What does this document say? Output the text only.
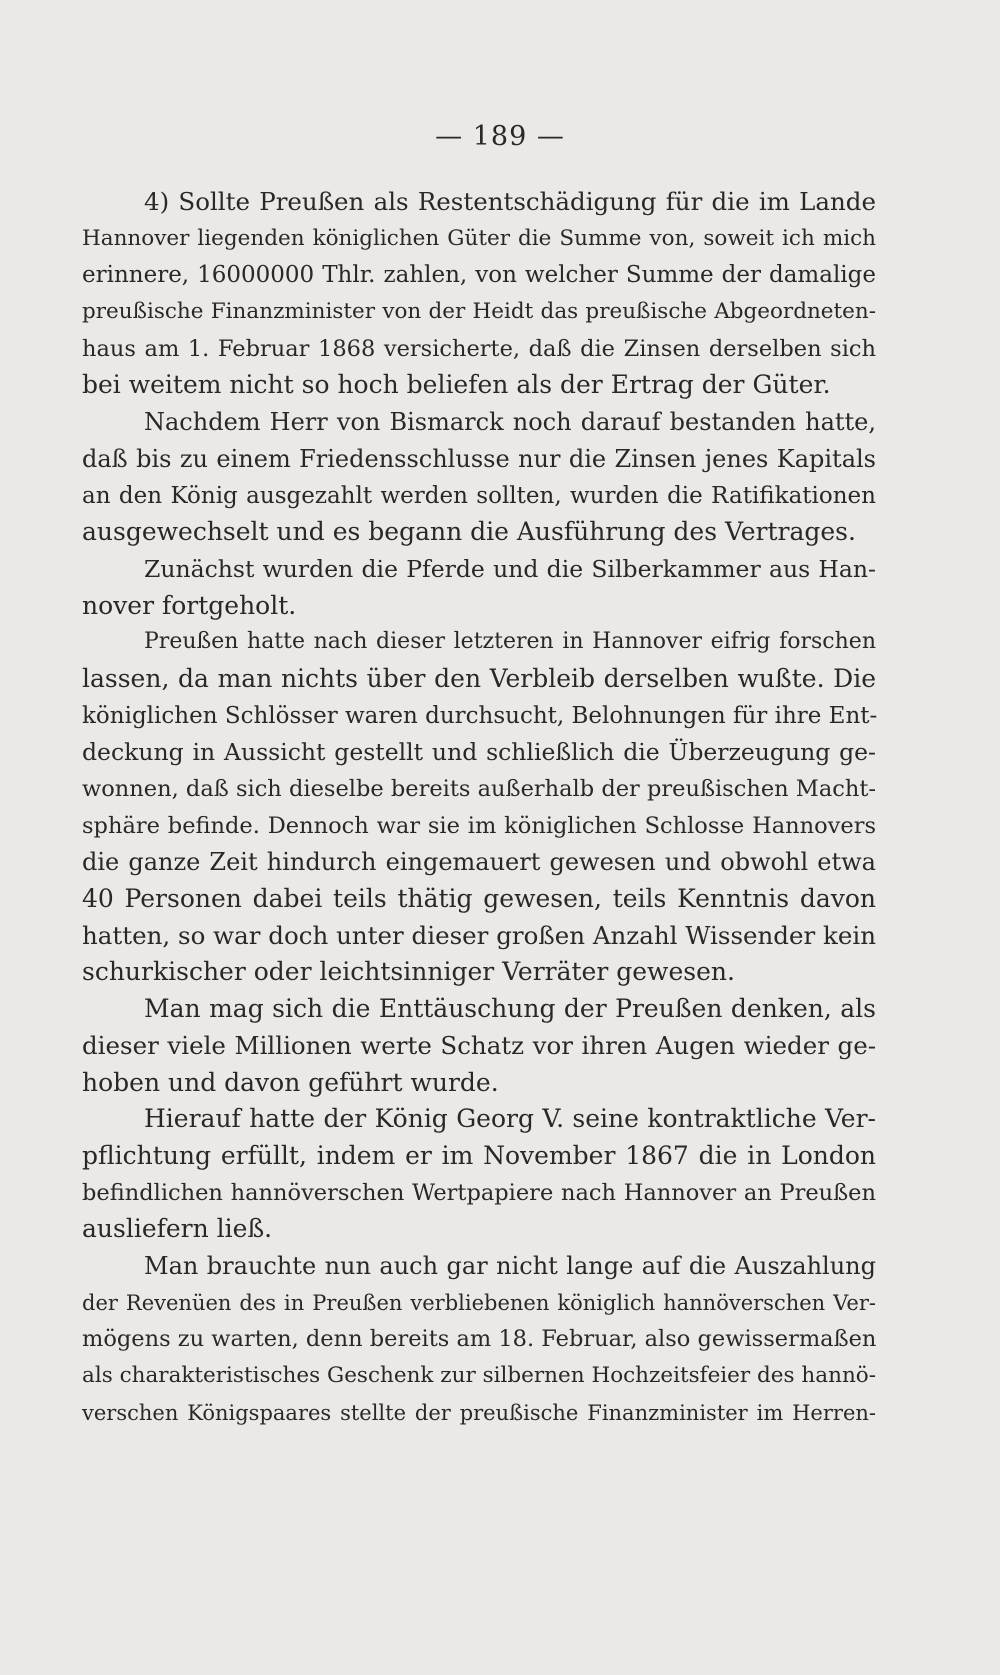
— 189 —
4) Sollte Preußen als Restentschädigung für die im Lande
Hannover liegenden königlichen Güter die Summe von, soweit ich mich
erinnere, 16000000 Thlr. zahlen, von welcher Summe der damalige
preußische Finanzminister von der Heidt das preußische Abgeordneten-
haus am 1. Februar 1868 versicherte, daß die Zinsen derselben sich
bei weitem nicht so hoch beliefen als der Ertrag der Güter.
Nachdem Herr von Bismarck noch darauf bestanden hatte,
daß bis zu einem Friedensschlusse nur die Zinsen jenes Kapitals
an den König ausgezahlt werden sollten, wurden die Ratifikationen
ausgewechselt und es begann die Ausführung des Vertrages.
Zunächst wurden die Pferde und die Silberkammer aus Han-
nover fortgeholt.
Preußen hatte nach dieser letzteren in Hannover eifrig forschen
lassen, da man nichts über den Verbleib derselben wußte. Die
königlichen Schlösser waren durchsucht, Belohnungen für ihre Ent-
deckung in Aussicht gestellt und schließlich die Überzeugung ge-
wonnen, daß sich dieselbe bereits außerhalb der preußischen Macht-
sphäre befinde. Dennoch war sie im königlichen Schlosse Hannovers
die ganze Zeit hindurch eingemauert gewesen und obwohl etwa
40 Personen dabei teils thätig gewesen, teils Kenntnis davon
hatten, so war doch unter dieser großen Anzahl Wissender kein
schurkischer oder leichtsinniger Verräter gewesen.
Man mag sich die Enttäuschung der Preußen denken, als
dieser viele Millionen werte Schatz vor ihren Augen wieder ge-
hoben und davon geführt wurde.
Hierauf hatte der König Georg V. seine kontraktliche Ver-
pflichtung erfüllt, indem er im November 1867 die in London
befindlichen hannöverschen Wertpapiere nach Hannover an Preußen
ausliefern ließ.
Man brauchte nun auch gar nicht lange auf die Auszahlung
der Revenüen des in Preußen verbliebenen königlich hannöverschen Ver-
mögens zu warten, denn bereits am 18. Februar, also gewissermaßen
als charakteristisches Geschenk zur silbernen Hochzeitsfeier des hannö-
verschen Königspaares stellte der preußische Finanzminister im Herren-
